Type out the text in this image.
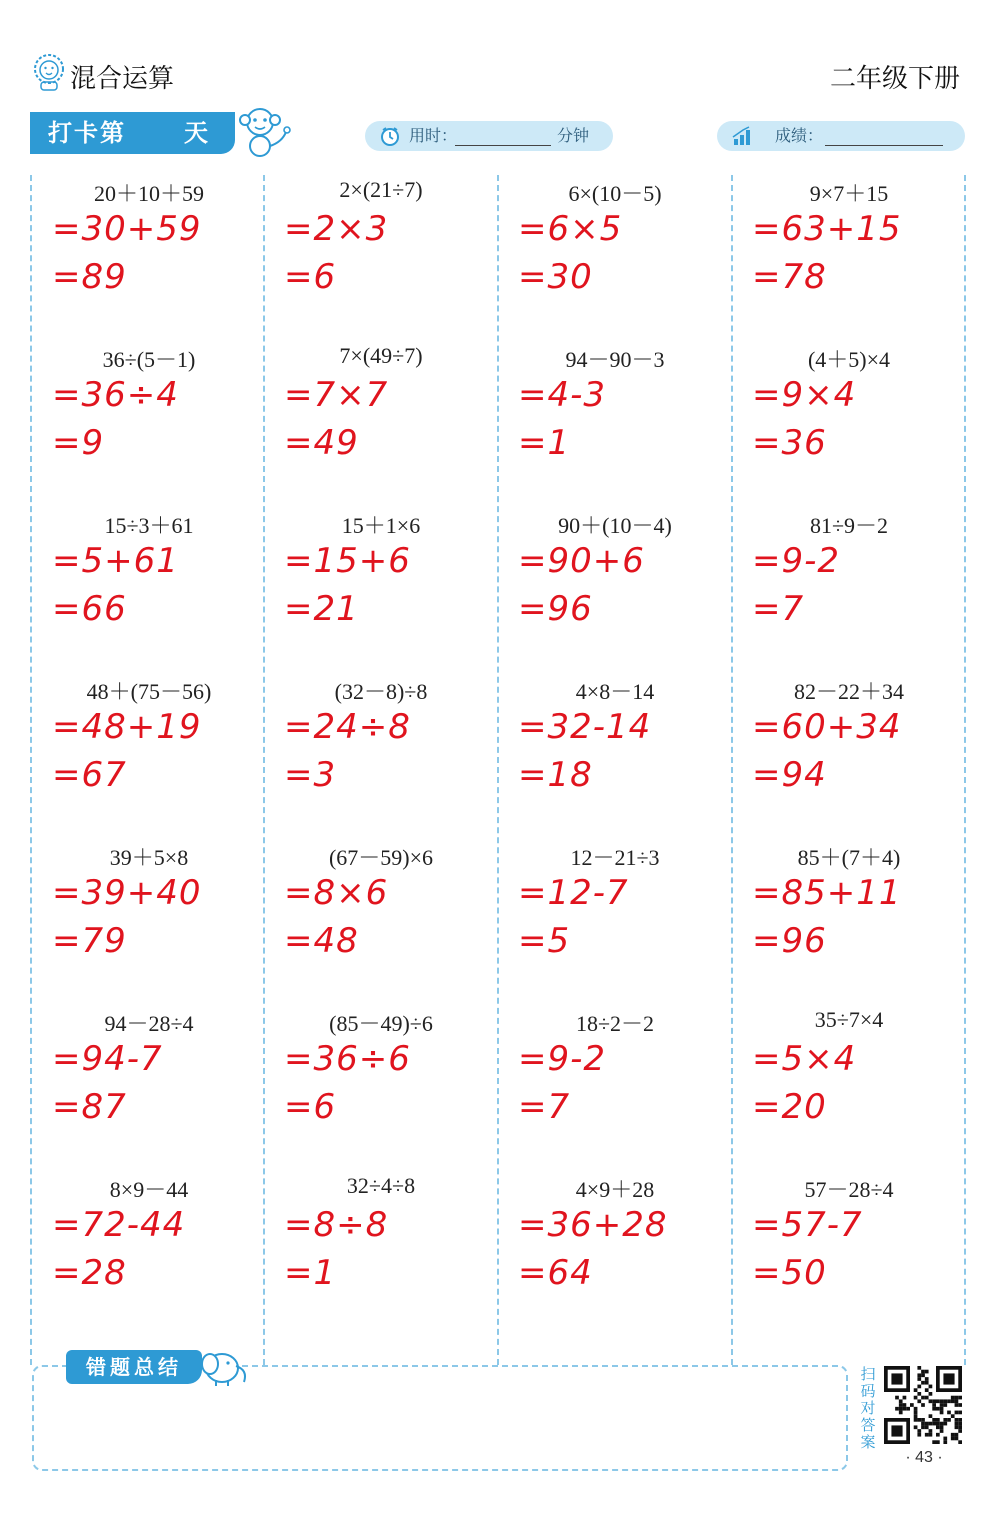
混合运算	二年级下册
打卡第 天	用时：	分钟	成绩：
20＋10＋59
=30+59
=89
36÷(5－1)
=36÷4
=9
15÷3＋61
=5+61
=66
48＋(75－56)
=48+19
=67
39＋5×8
=39+40
=79
94－28÷4
=94-7
=87
8×9－44
=72-44
=28
2×(21÷7)
=2×3
=6
7×(49÷7)
=7×7
=49
15＋1×6
=15+6
=21
(32－8)÷8
=24÷8
=3
(67－59)×6
=8×6
=48
(85－49)÷6
=36÷6
=6
32÷4÷8
=8÷8
=1
6×(10－5)
=6×5
=30
94－90－3
=4-3
=1
90＋(10－4)
=90+6
=96
4×8－14
=32-14
=18
12－21÷3
=12-7
=5
18÷2－2
=9-2
=7
4×9＋28
=36+28
=64
9×7＋15
=63+15
=78
(4＋5)×4
=9×4
=36
81÷9－2
=9-2
=7
82－22＋34
=60+34
=94
85＋(7＋4)
=85+11
=96
35÷7×4
=5×4
=20
57－28÷4
=57-7
=50
错题总结	扫码对答案
· 43 ·
